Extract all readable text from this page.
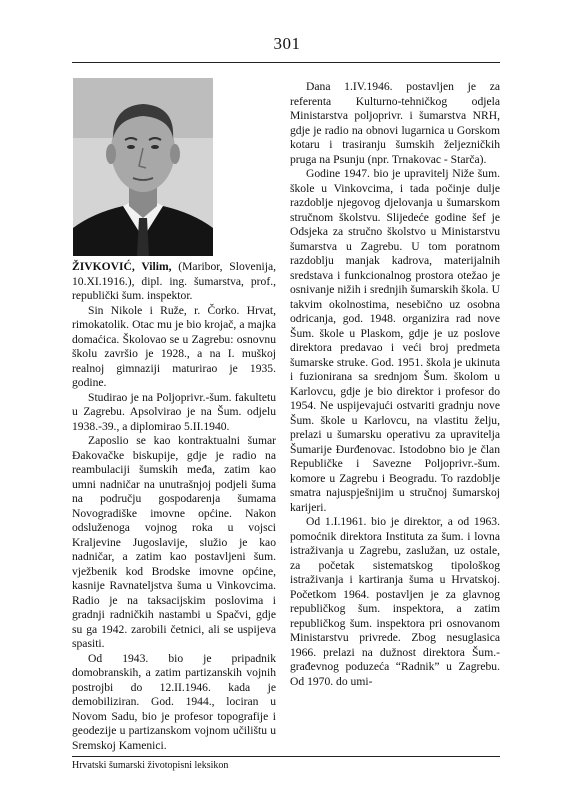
301

ŽIVKOVIĆ, Vilim, (Maribor, Slovenija, 10.XI.1916.), dipl. ing. šumarstva, prof., republički šum. inspektor.

Sin Nikole i Ruže, r. Čorko. Hrvat, rimokatolik. Otac mu je bio krojač, a majka domaćica. Školovao se u Zagrebu: osnovnu školu završio je 1928., a na I. muškoj realnoj gimnaziji maturirao je 1935. godine.

Studirao je na Poljoprivr.-šum. fakultetu u Zagrebu. Apsolvirao je na Šum. odjelu 1938.-39., a diplomirao 5.II.1940.

Zaposlio se kao kontraktualni šumar Đakovačke biskupije, gdje je radio na reambulaciji šumskih međa, zatim kao umni nadničar na unutrašnjoj podjeli šuma na području gospodarenja šumama Novogradiške imovne općine. Nakon odsluženoga vojnog roka u vojsci Kraljevine Jugoslavije, služio je kao nadničar, a zatim kao postavljeni šum. vježbenik kod Brodske imovne općine, kasnije Ravnateljstva šuma u Vinkovcima. Radio je na taksacijskim poslovima i gradnji radničkih nastambi u Spačvi, gdje su ga 1942. zarobili četnici, ali se uspijeva spasiti.

Od 1943. bio je pripadnik domobranskih, a zatim partizanskih vojnih postrojbi do 12.II.1946. kada je demobiliziran. God. 1944., lociran u Novom Sadu, bio je profesor topografije i geodezije u partizanskom vojnom učilištu u Sremskoj Kamenici.

Dana 1.IV.1946. postavljen je za referenta Kulturno-tehničkog odjela Ministarstva poljoprivr. i šumarstva NRH, gdje je radio na obnovi lugarnica u Gorskom kotaru i trasiranju šumskih željezničkih pruga na Psunju (npr. Trnakovac - Starča).

Godine 1947. bio je upravitelj Niže šum. škole u Vinkovcima, i tada počinje dulje razdoblje njegovog djelovanja u šumarskom stručnom školstvu. Slijedeće godine šef je Odsjeka za stručno školstvo u Ministarstvu šumarstva u Zagrebu. U tom poratnom razdoblju manjak kadrova, materijalnih sredstava i funkcionalnog prostora otežao je osnivanje nižih i srednjih šumarskih škola. U takvim okolnostima, nesebično uz osobna odricanja, god. 1948. organizira rad nove Šum. škole u Plaskom, gdje je uz poslove direktora predavao i veći broj predmeta šumarske struke. God. 1951. škola je ukinuta i fuzionirana sa srednjom Šum. školom u Karlovcu, gdje je bio direktor i profesor do 1954. Ne uspijevajući ostvariti gradnju nove Šum. škole u Karlovcu, na vlastitu želju, prelazi u šumarsku operativu za upravitelja Šumarije Đurđenovac. Istodobno bio je član Republičke i Savezne Poljoprivr.-šum. komore u Zagrebu i Beogradu. To razdoblje smatra najuspješnijim u stručnoj šumarskoj karijeri.

Od 1.I.1961. bio je direktor, a od 1963. pomoćnik direktora Instituta za šum. i lovna istraživanja u Zagrebu, zaslužan, uz ostale, za početak sistematskog tipološkog istraživanja i kartiranja šuma u Hrvatskoj. Početkom 1964. postavljen je za glavnog republičkog šum. inspektora, a zatim republičkog šum. inspektora pri osnovanom Ministarstvu privrede. Zbog nesuglasica 1966. prelazi na dužnost direktora Šum.-građevnog poduzeća “Radnik” u Zagrebu. Od 1970. do umi-

Hrvatski šumarski životopisni leksikon
